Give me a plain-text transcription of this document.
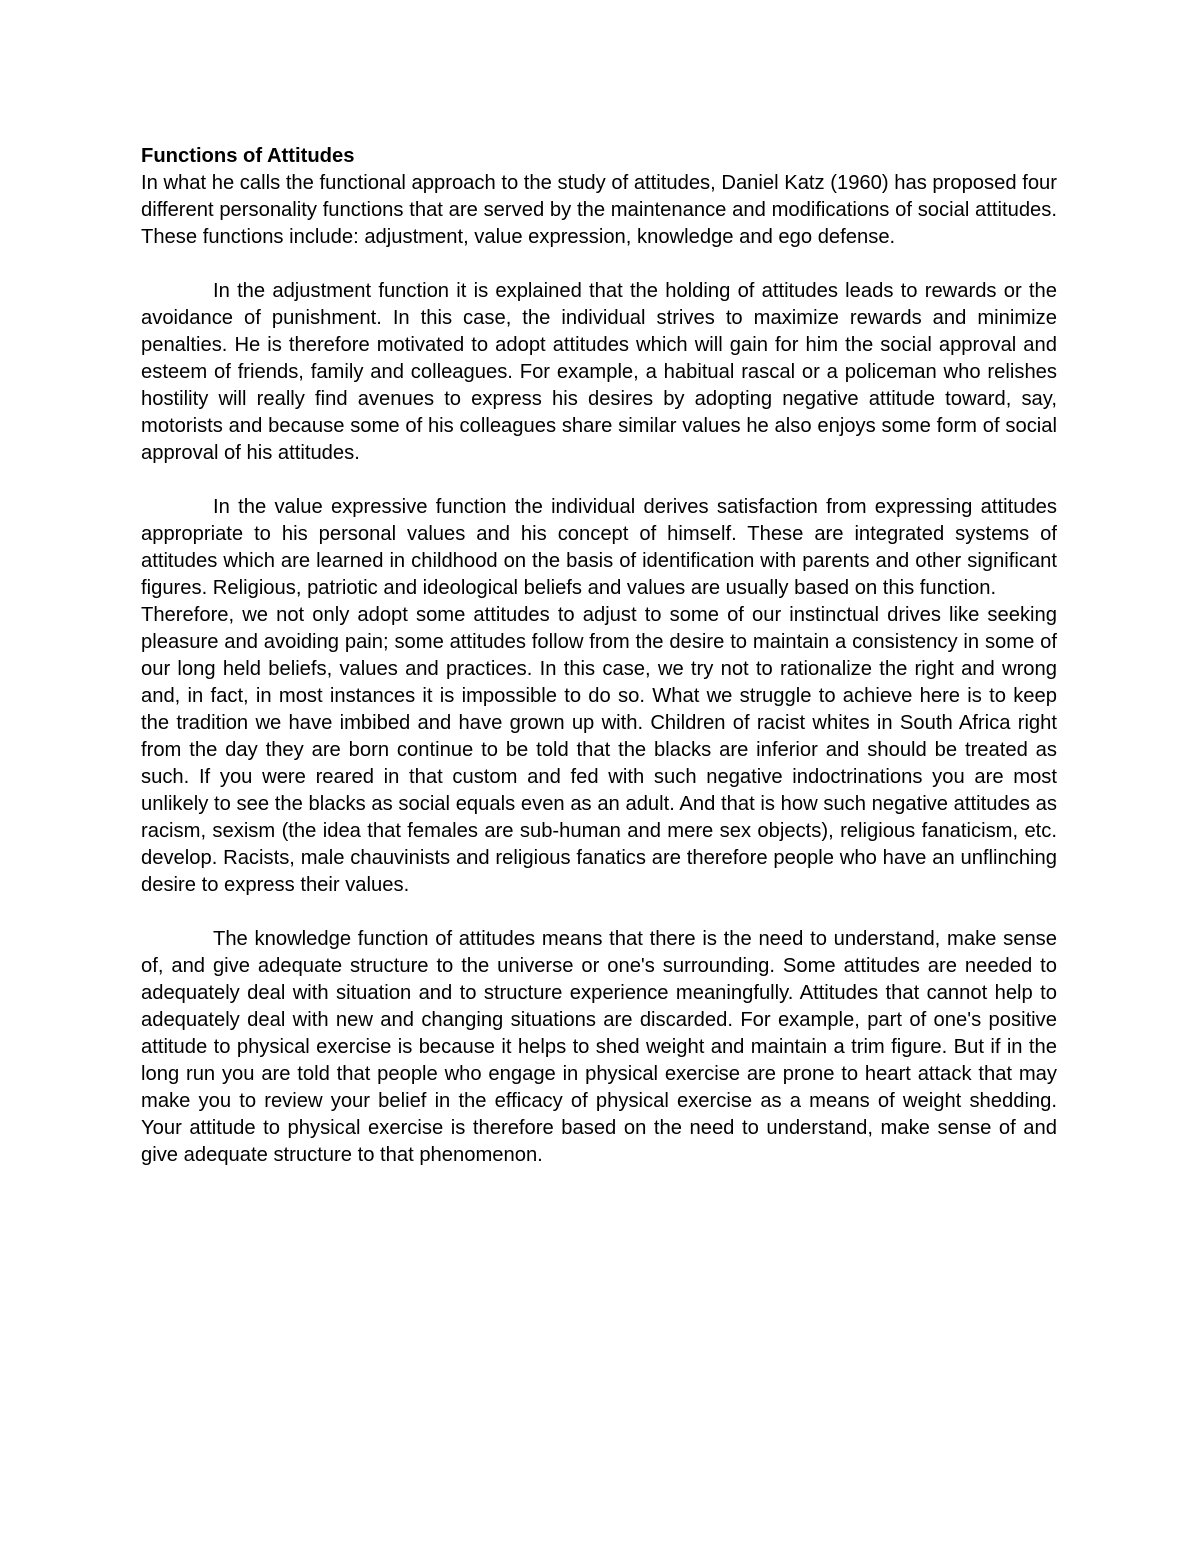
Functions of Attitudes

In what he calls the functional approach to the study of attitudes, Daniel Katz (1960) has proposed four different personality functions that are served by the maintenance and modifications of social attitudes. These functions include: adjustment, value expression, knowledge and ego defense.

In the adjustment function it is explained that the holding of attitudes leads to rewards or the avoidance of punishment. In this case, the individual strives to maximize rewards and minimize penalties. He is therefore motivated to adopt attitudes which will gain for him the social approval and esteem of friends, family and colleagues. For example, a habitual rascal or a policeman who relishes hostility will really find avenues to express his desires by adopting negative attitude toward, say, motorists and because some of his colleagues share similar values he also enjoys some form of social approval of his attitudes.

In the value expressive function the individual derives satisfaction from expressing attitudes appropriate to his personal values and his concept of himself. These are integrated systems of attitudes which are learned in childhood on the basis of identification with parents and other significant figures. Religious, patriotic and ideological beliefs and values are usually based on this function.

Therefore, we not only adopt some attitudes to adjust to some of our instinctual drives like seeking pleasure and avoiding pain; some attitudes follow from the desire to maintain a consistency in some of our long held beliefs, values and practices. In this case, we try not to rationalize the right and wrong and, in fact, in most instances it is impossible to do so. What we struggle to achieve here is to keep the tradition we have imbibed and have grown up with. Children of racist whites in South Africa right from the day they are born continue to be told that the blacks are inferior and should be treated as such. If you were reared in that custom and fed with such negative indoctrinations you are most unlikely to see the blacks as social equals even as an adult. And that is how such negative attitudes as racism, sexism (the idea that females are sub-human and mere sex objects), religious fanaticism, etc. develop. Racists, male chauvinists and religious fanatics are therefore people who have an unflinching desire to express their values.

The knowledge function of attitudes means that there is the need to understand, make sense of, and give adequate structure to the universe or one's surrounding. Some attitudes are needed to adequately deal with situation and to structure experience meaningfully. Attitudes that cannot help to adequately deal with new and changing situations are discarded. For example, part of one's positive attitude to physical exercise is because it helps to shed weight and maintain a trim figure. But if in the long run you are told that people who engage in physical exercise are prone to heart attack that may make you to review your belief in the efficacy of physical exercise as a means of weight shedding. Your attitude to physical exercise is therefore based on the need to understand, make sense of and give adequate structure to that phenomenon.
